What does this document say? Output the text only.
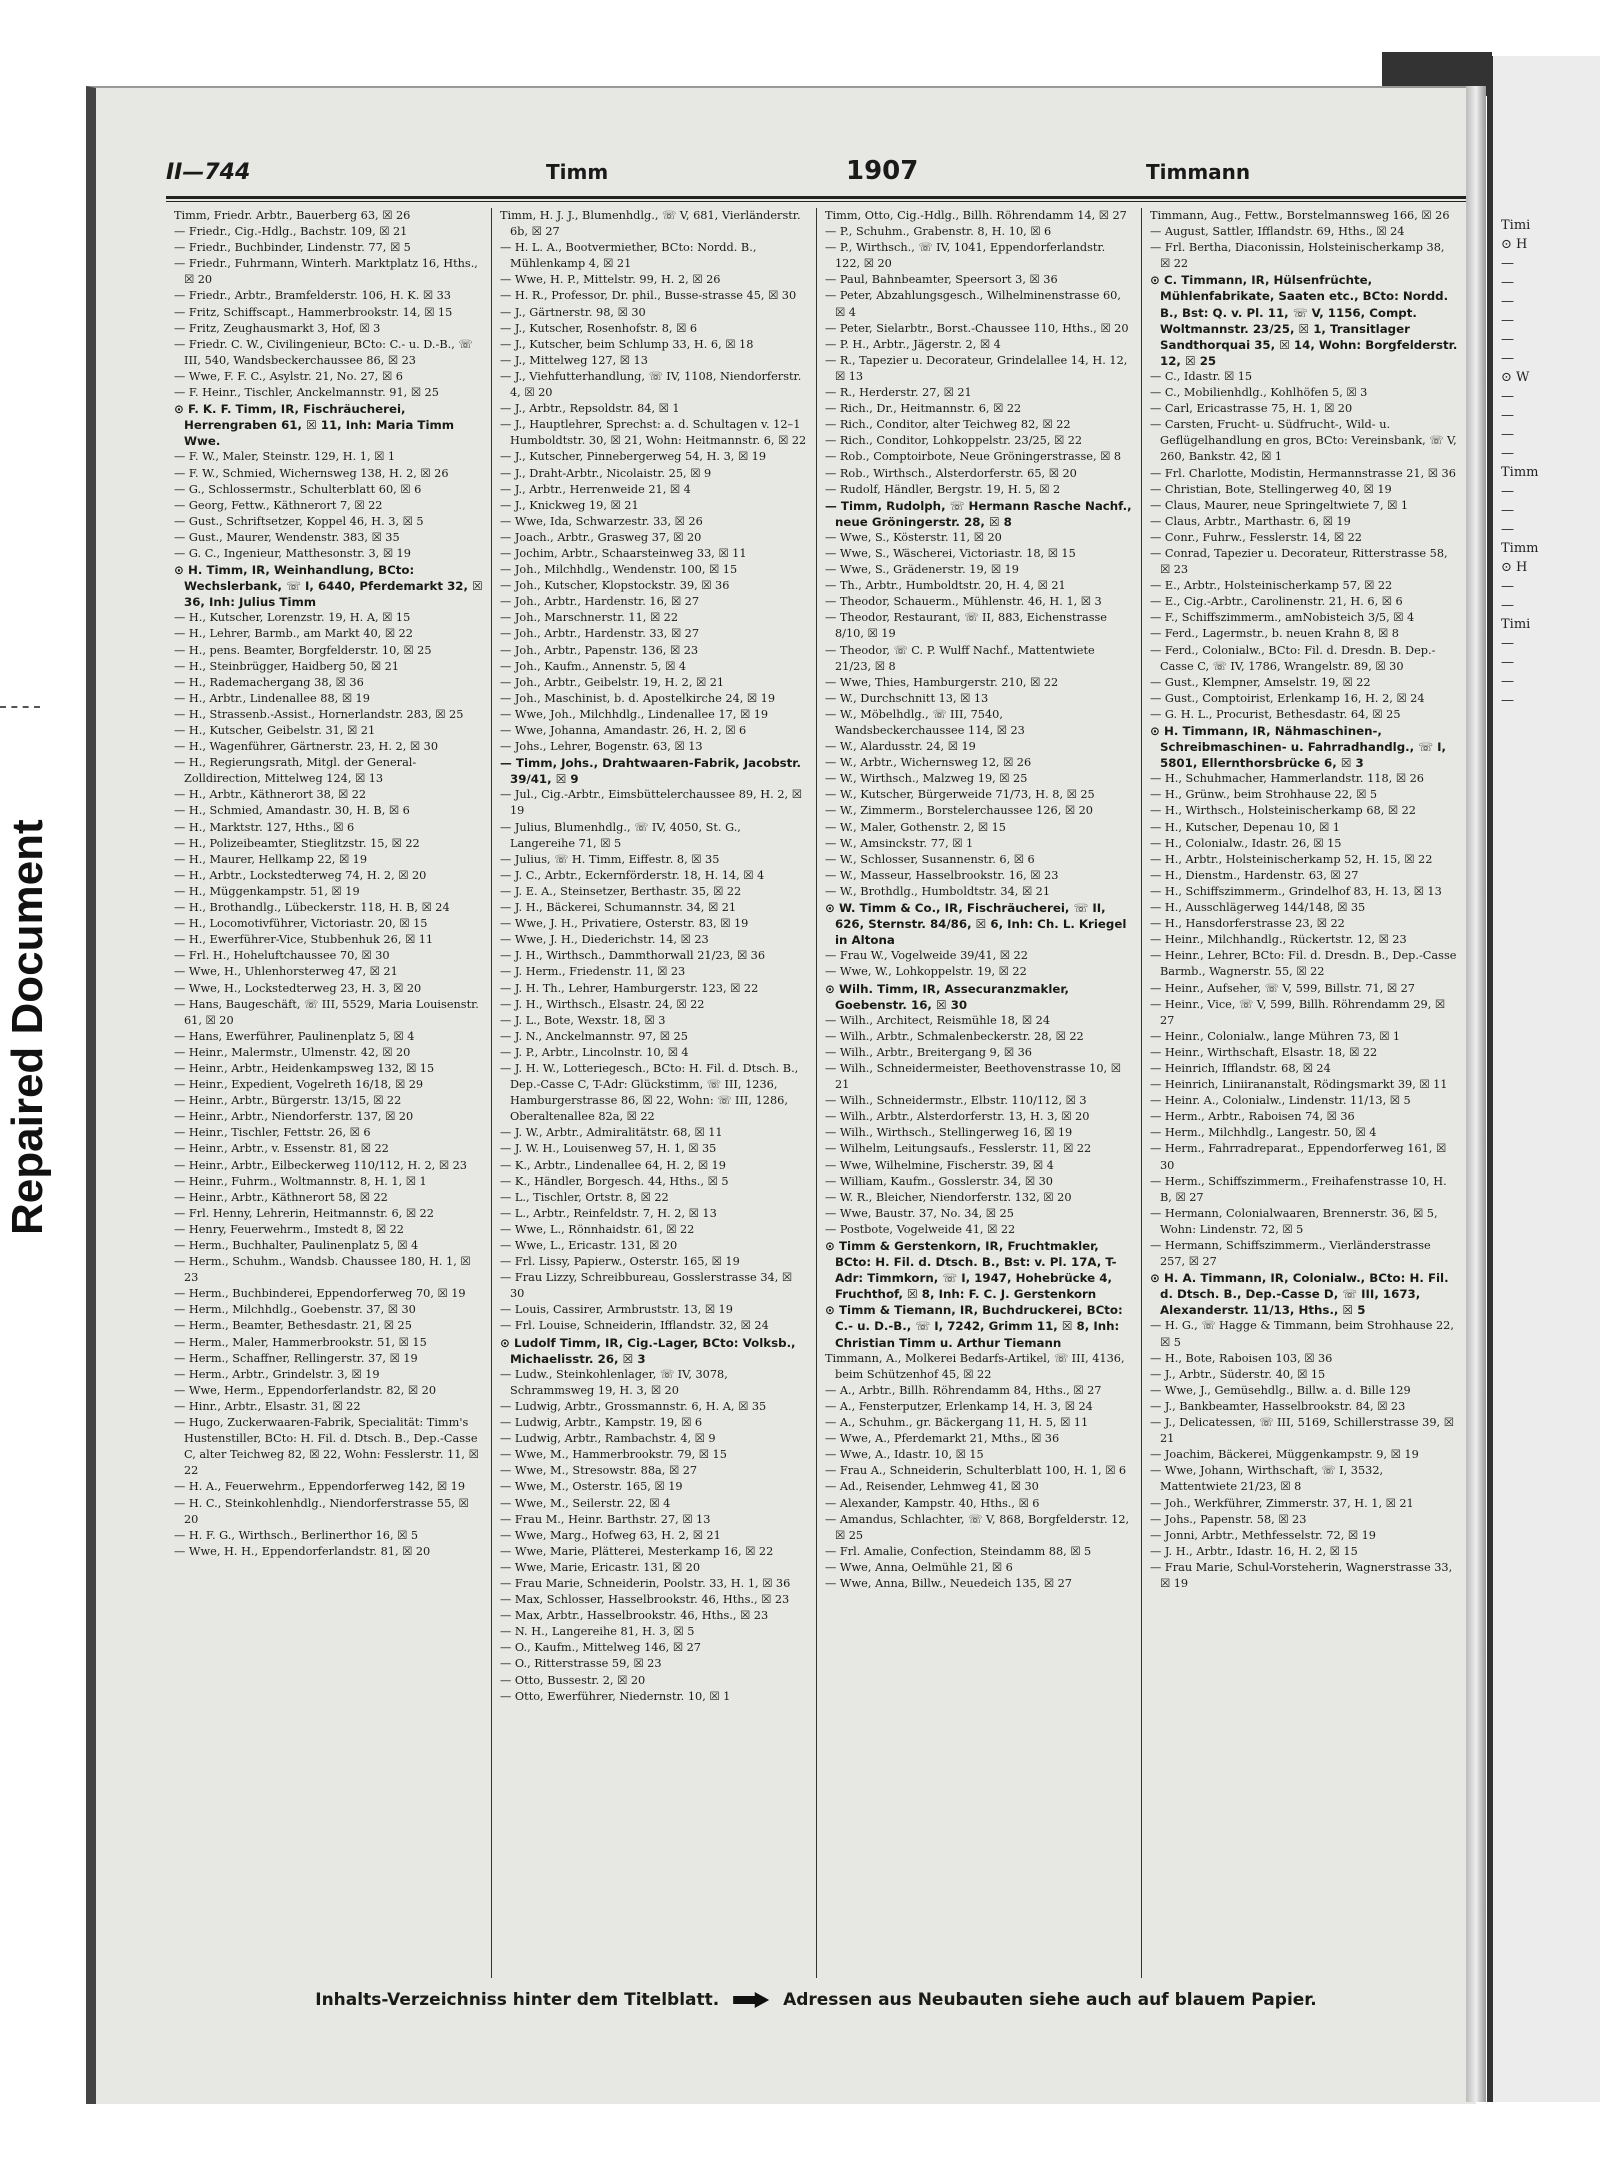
Repaired Document
Timi
⊙ H
—
—
—
—
—
—
⊙ W
—
—
—
—
Timm
—
—
—
Timm
⊙ H
—
—
Timi
—
—
—
—
II—744	Timm	1907	Timmann

Timm, Friedr. Arbtr., Bauerberg 63, ☒ 26

— Friedr., Cig.-Hdlg., Bachstr. 109, ☒ 21

— Friedr., Buchbinder, Lindenstr. 77, ☒ 5

— Friedr., Fuhrmann, Winterh. Marktplatz 16, Hths., ☒ 20

— Friedr., Arbtr., Bramfelderstr. 106, H. K. ☒ 33

— Fritz, Schiffscapt., Hammerbrookstr. 14, ☒ 15

— Fritz, Zeughausmarkt 3, Hof, ☒ 3

— Friedr. C. W., Civilingenieur, BCto: C.- u. D.-B., ☏ III, 540, Wandsbeckerchaussee 86, ☒ 23

— Wwe, F. F. C., Asylstr. 21, No. 27, ☒ 6

— F. Heinr., Tischler, Anckelmannstr. 91, ☒ 25

⊙ F. K. F. Timm, IR, Fischräucherei, Herrengraben 61, ☒ 11, Inh: Maria Timm Wwe.

— F. W., Maler, Steinstr. 129, H. 1, ☒ 1

— F. W., Schmied, Wichernsweg 138, H. 2, ☒ 26

— G., Schlossermstr., Schulterblatt 60, ☒ 6

— Georg, Fettw., Käthnerort 7, ☒ 22

— Gust., Schriftsetzer, Koppel 46, H. 3, ☒ 5

— Gust., Maurer, Wendenstr. 383, ☒ 35

— G. C., Ingenieur, Matthesonstr. 3, ☒ 19

⊙ H. Timm, IR, Weinhandlung, BCto: Wechslerbank, ☏ I, 6440, Pferdemarkt 32, ☒ 36, Inh: Julius Timm

— H., Kutscher, Lorenzstr. 19, H. A, ☒ 15

— H., Lehrer, Barmb., am Markt 40, ☒ 22

— H., pens. Beamter, Borgfelderstr. 10, ☒ 25

— H., Steinbrügger, Haidberg 50, ☒ 21

— H., Rademachergang 38, ☒ 36

— H., Arbtr., Lindenallee 88, ☒ 19

— H., Strassenb.-Assist., Hornerlandstr. 283, ☒ 25

— H., Kutscher, Geibelstr. 31, ☒ 21

— H., Wagenführer, Gärtnerstr. 23, H. 2, ☒ 30

— H., Regierungsrath, Mitgl. der General-Zolldirection, Mittelweg 124, ☒ 13

— H., Arbtr., Käthnerort 38, ☒ 22

— H., Schmied, Amandastr. 30, H. B, ☒ 6

— H., Marktstr. 127, Hths., ☒ 6

— H., Polizeibeamter, Stieglitzstr. 15, ☒ 22

— H., Maurer, Hellkamp 22, ☒ 19

— H., Arbtr., Lockstedterweg 74, H. 2, ☒ 20

— H., Müggenkampstr. 51, ☒ 19

— H., Brothandlg., Lübeckerstr. 118, H. B, ☒ 24

— H., Locomotivführer, Victoriastr. 20, ☒ 15

— H., Ewerführer-Vice, Stubbenhuk 26, ☒ 11

— Frl. H., Hoheluftchaussee 70, ☒ 30

— Wwe, H., Uhlenhorsterweg 47, ☒ 21

— Wwe, H., Lockstedterweg 23, H. 3, ☒ 20

— Hans, Baugeschäft, ☏ III, 5529, Maria Louisenstr. 61, ☒ 20

— Hans, Ewerführer, Paulinenplatz 5, ☒ 4

— Heinr., Malermstr., Ulmenstr. 42, ☒ 20

— Heinr., Arbtr., Heidenkampsweg 132, ☒ 15

— Heinr., Expedient, Vogelreth 16/18, ☒ 29

— Heinr., Arbtr., Bürgerstr. 13/15, ☒ 22

— Heinr., Arbtr., Niendorferstr. 137, ☒ 20

— Heinr., Tischler, Fettstr. 26, ☒ 6

— Heinr., Arbtr., v. Essenstr. 81, ☒ 22

— Heinr., Arbtr., Eilbeckerweg 110/112, H. 2, ☒ 23

— Heinr., Fuhrm., Woltmannstr. 8, H. 1, ☒ 1

— Heinr., Arbtr., Käthnerort 58, ☒ 22

— Frl. Henny, Lehrerin, Heitmannstr. 6, ☒ 22

— Henry, Feuerwehrm., Imstedt 8, ☒ 22

— Herm., Buchhalter, Paulinenplatz 5, ☒ 4

— Herm., Schuhm., Wandsb. Chaussee 180, H. 1, ☒ 23

— Herm., Buchbinderei, Eppendorferweg 70, ☒ 19

— Herm., Milchhdlg., Goebenstr. 37, ☒ 30

— Herm., Beamter, Bethesdastr. 21, ☒ 25

— Herm., Maler, Hammerbrookstr. 51, ☒ 15

— Herm., Schaffner, Rellingerstr. 37, ☒ 19

— Herm., Arbtr., Grindelstr. 3, ☒ 19

— Wwe, Herm., Eppendorferlandstr. 82, ☒ 20

— Hinr., Arbtr., Elsastr. 31, ☒ 22

— Hugo, Zuckerwaaren-Fabrik, Specialität: Timm's Hustenstiller, BCto: H. Fil. d. Dtsch. B., Dep.-Casse C, alter Teichweg 82, ☒ 22, Wohn: Fesslerstr. 11, ☒ 22

— H. A., Feuerwehrm., Eppendorferweg 142, ☒ 19

— H. C., Steinkohlenhdlg., Niendorferstrasse 55, ☒ 20

— H. F. G., Wirthsch., Berlinerthor 16, ☒ 5

— Wwe, H. H., Eppendorferlandstr. 81, ☒ 20

Timm, H. J. J., Blumenhdlg., ☏ V, 681, Vierländerstr. 6b, ☒ 27

— H. L. A., Bootvermiether, BCto: Nordd. B., Mühlenkamp 4, ☒ 21

— Wwe, H. P., Mittelstr. 99, H. 2, ☒ 26

— H. R., Professor, Dr. phil., Busse-strasse 45, ☒ 30

— J., Gärtnerstr. 98, ☒ 30

— J., Kutscher, Rosenhofstr. 8, ☒ 6

— J., Kutscher, beim Schlump 33, H. 6, ☒ 18

— J., Mittelweg 127, ☒ 13

— J., Viehfutterhandlung, ☏ IV, 1108, Niendorferstr. 4, ☒ 20

— J., Arbtr., Repsoldstr. 84, ☒ 1

— J., Hauptlehrer, Sprechst: a. d. Schultagen v. 12–1 Humboldtstr. 30, ☒ 21, Wohn: Heitmannstr. 6, ☒ 22

— J., Kutscher, Pinnebergerweg 54, H. 3, ☒ 19

— J., Draht-Arbtr., Nicolaistr. 25, ☒ 9

— J., Arbtr., Herrenweide 21, ☒ 4

— J., Knickweg 19, ☒ 21

— Wwe, Ida, Schwarzestr. 33, ☒ 26

— Joach., Arbtr., Grasweg 37, ☒ 20

— Jochim, Arbtr., Schaarsteinweg 33, ☒ 11

— Joh., Milchhdlg., Wendenstr. 100, ☒ 15

— Joh., Kutscher, Klopstockstr. 39, ☒ 36

— Joh., Arbtr., Hardenstr. 16, ☒ 27

— Joh., Marschnerstr. 11, ☒ 22

— Joh., Arbtr., Hardenstr. 33, ☒ 27

— Joh., Arbtr., Papenstr. 136, ☒ 23

— Joh., Kaufm., Annenstr. 5, ☒ 4

— Joh., Arbtr., Geibelstr. 19, H. 2, ☒ 21

— Joh., Maschinist, b. d. Apostelkirche 24, ☒ 19

— Wwe, Joh., Milchhdlg., Lindenallee 17, ☒ 19

— Wwe, Johanna, Amandastr. 26, H. 2, ☒ 6

— Johs., Lehrer, Bogenstr. 63, ☒ 13

— Timm, Johs., Drahtwaaren-Fabrik, Jacobstr. 39/41, ☒ 9

— Jul., Cig.-Arbtr., Eimsbüttelerchaussee 89, H. 2, ☒ 19

— Julius, Blumenhdlg., ☏ IV, 4050, St. G., Langereihe 71, ☒ 5

— Julius, ☏ H. Timm, Eiffestr. 8, ☒ 35

— J. C., Arbtr., Eckernförderstr. 18, H. 14, ☒ 4

— J. E. A., Steinsetzer, Berthastr. 35, ☒ 22

— J. H., Bäckerei, Schumannstr. 34, ☒ 21

— Wwe, J. H., Privatiere, Osterstr. 83, ☒ 19

— Wwe, J. H., Diederichstr. 14, ☒ 23

— J. H., Wirthsch., Dammthorwall 21/23, ☒ 36

— J. Herm., Friedenstr. 11, ☒ 23

— J. H. Th., Lehrer, Hamburgerstr. 123, ☒ 22

— J. H., Wirthsch., Elsastr. 24, ☒ 22

— J. L., Bote, Wexstr. 18, ☒ 3

— J. N., Anckelmannstr. 97, ☒ 25

— J. P., Arbtr., Lincolnstr. 10, ☒ 4

— J. H. W., Lotteriegesch., BCto: H. Fil. d. Dtsch. B., Dep.-Casse C, T-Adr: Glückstimm, ☏ III, 1236, Hamburgerstrasse 86, ☒ 22, Wohn: ☏ III, 1286, Oberaltenallee 82a, ☒ 22

— J. W., Arbtr., Admiralitätstr. 68, ☒ 11

— J. W. H., Louisenweg 57, H. 1, ☒ 35

— K., Arbtr., Lindenallee 64, H. 2, ☒ 19

— K., Händler, Borgesch. 44, Hths., ☒ 5

— L., Tischler, Ortstr. 8, ☒ 22

— L., Arbtr., Reinfeldstr. 7, H. 2, ☒ 13

— Wwe, L., Rönnhaidstr. 61, ☒ 22

— Wwe, L., Ericastr. 131, ☒ 20

— Frl. Lissy, Papierw., Osterstr. 165, ☒ 19

— Frau Lizzy, Schreibbureau, Gosslerstrasse 34, ☒ 30

— Louis, Cassirer, Armbruststr. 13, ☒ 19

— Frl. Louise, Schneiderin, Ifflandstr. 32, ☒ 24

⊙ Ludolf Timm, IR, Cig.-Lager, BCto: Volksb., Michaelisstr. 26, ☒ 3

— Ludw., Steinkohlenlager, ☏ IV, 3078, Schrammsweg 19, H. 3, ☒ 20

— Ludwig, Arbtr., Grossmannstr. 6, H. A, ☒ 35

— Ludwig, Arbtr., Kampstr. 19, ☒ 6

— Ludwig, Arbtr., Rambachstr. 4, ☒ 9

— Wwe, M., Hammerbrookstr. 79, ☒ 15

— Wwe, M., Stresowstr. 88a, ☒ 27

— Wwe, M., Osterstr. 165, ☒ 19

— Wwe, M., Seilerstr. 22, ☒ 4

— Frau M., Heinr. Barthstr. 27, ☒ 13

— Wwe, Marg., Hofweg 63, H. 2, ☒ 21

— Wwe, Marie, Plätterei, Mesterkamp 16, ☒ 22

— Wwe, Marie, Ericastr. 131, ☒ 20

— Frau Marie, Schneiderin, Poolstr. 33, H. 1, ☒ 36

— Max, Schlosser, Hasselbrookstr. 46, Hths., ☒ 23

— Max, Arbtr., Hasselbrookstr. 46, Hths., ☒ 23

— N. H., Langereihe 81, H. 3, ☒ 5

— O., Kaufm., Mittelweg 146, ☒ 27

— O., Ritterstrasse 59, ☒ 23

— Otto, Bussestr. 2, ☒ 20

— Otto, Ewerführer, Niedernstr. 10, ☒ 1

Timm, Otto, Cig.-Hdlg., Billh. Röhrendamm 14, ☒ 27

— P., Schuhm., Grabenstr. 8, H. 10, ☒ 6

— P., Wirthsch., ☏ IV, 1041, Eppendorferlandstr. 122, ☒ 20

— Paul, Bahnbeamter, Speersort 3, ☒ 36

— Peter, Abzahlungsgesch., Wilhelminenstrasse 60, ☒ 4

— Peter, Sielarbtr., Borst.-Chaussee 110, Hths., ☒ 20

— P. H., Arbtr., Jägerstr. 2, ☒ 4

— R., Tapezier u. Decorateur, Grindelallee 14, H. 12, ☒ 13

— R., Herderstr. 27, ☒ 21

— Rich., Dr., Heitmannstr. 6, ☒ 22

— Rich., Conditor, alter Teichweg 82, ☒ 22

— Rich., Conditor, Lohkoppelstr. 23/25, ☒ 22

— Rob., Comptoirbote, Neue Gröningerstrasse, ☒ 8

— Rob., Wirthsch., Alsterdorferstr. 65, ☒ 20

— Rudolf, Händler, Bergstr. 19, H. 5, ☒ 2

— Timm, Rudolph, ☏ Hermann Rasche Nachf., neue Gröningerstr. 28, ☒ 8

— Wwe, S., Kösterstr. 11, ☒ 20

— Wwe, S., Wäscherei, Victoriastr. 18, ☒ 15

— Wwe, S., Grädenerstr. 19, ☒ 19

— Th., Arbtr., Humboldtstr. 20, H. 4, ☒ 21

— Theodor, Schauerm., Mühlenstr. 46, H. 1, ☒ 3

— Theodor, Restaurant, ☏ II, 883, Eichenstrasse 8/10, ☒ 19

— Theodor, ☏ C. P. Wulff Nachf., Mattentwiete 21/23, ☒ 8

— Wwe, Thies, Hamburgerstr. 210, ☒ 22

— W., Durchschnitt 13, ☒ 13

— W., Möbelhdlg., ☏ III, 7540, Wandsbeckerchaussee 114, ☒ 23

— W., Alardusstr. 24, ☒ 19

— W., Arbtr., Wichernsweg 12, ☒ 26

— W., Wirthsch., Malzweg 19, ☒ 25

— W., Kutscher, Bürgerweide 71/73, H. 8, ☒ 25

— W., Zimmerm., Borstelerchaussee 126, ☒ 20

— W., Maler, Gothenstr. 2, ☒ 15

— W., Amsinckstr. 77, ☒ 1

— W., Schlosser, Susannenstr. 6, ☒ 6

— W., Masseur, Hasselbrookstr. 16, ☒ 23

— W., Brothdlg., Humboldtstr. 34, ☒ 21

⊙ W. Timm & Co., IR, Fischräucherei, ☏ II, 626, Sternstr. 84/86, ☒ 6, Inh: Ch. L. Kriegel in Altona

— Frau W., Vogelweide 39/41, ☒ 22

— Wwe, W., Lohkoppelstr. 19, ☒ 22

⊙ Wilh. Timm, IR, Assecuranzmakler, Goebenstr. 16, ☒ 30

— Wilh., Architect, Reismühle 18, ☒ 24

— Wilh., Arbtr., Schmalenbeckerstr. 28, ☒ 22

— Wilh., Arbtr., Breitergang 9, ☒ 36

— Wilh., Schneidermeister, Beethovenstrasse 10, ☒ 21

— Wilh., Schneidermstr., Elbstr. 110/112, ☒ 3

— Wilh., Arbtr., Alsterdorferstr. 13, H. 3, ☒ 20

— Wilh., Wirthsch., Stellingerweg 16, ☒ 19

— Wilhelm, Leitungsaufs., Fesslerstr. 11, ☒ 22

— Wwe, Wilhelmine, Fischerstr. 39, ☒ 4

— William, Kaufm., Gosslerstr. 34, ☒ 30

— W. R., Bleicher, Niendorferstr. 132, ☒ 20

— Wwe, Baustr. 37, No. 34, ☒ 25

— Postbote, Vogelweide 41, ☒ 22

⊙ Timm & Gerstenkorn, IR, Fruchtmakler, BCto: H. Fil. d. Dtsch. B., Bst: v. Pl. 17A, T-Adr: Timmkorn, ☏ I, 1947, Hohebrücke 4, Fruchthof, ☒ 8, Inh: F. C. J. Gerstenkorn

⊙ Timm & Tiemann, IR, Buchdruckerei, BCto: C.- u. D.-B., ☏ I, 7242, Grimm 11, ☒ 8, Inh: Christian Timm u. Arthur Tiemann

Timmann, A., Molkerei Bedarfs-Artikel, ☏ III, 4136, beim Schützenhof 45, ☒ 22

— A., Arbtr., Billh. Röhrendamm 84, Hths., ☒ 27

— A., Fensterputzer, Erlenkamp 14, H. 3, ☒ 24

— A., Schuhm., gr. Bäckergang 11, H. 5, ☒ 11

— Wwe, A., Pferdemarkt 21, Mths., ☒ 36

— Wwe, A., Idastr. 10, ☒ 15

— Frau A., Schneiderin, Schulterblatt 100, H. 1, ☒ 6

— Ad., Reisender, Lehmweg 41, ☒ 30

— Alexander, Kampstr. 40, Hths., ☒ 6

— Amandus, Schlachter, ☏ V, 868, Borgfelderstr. 12, ☒ 25

— Frl. Amalie, Confection, Steindamm 88, ☒ 5

— Wwe, Anna, Oelmühle 21, ☒ 6

— Wwe, Anna, Billw., Neuedeich 135, ☒ 27

Timmann, Aug., Fettw., Borstelmannsweg 166, ☒ 26

— August, Sattler, Ifflandstr. 69, Hths., ☒ 24

— Frl. Bertha, Diaconissin, Holsteinischerkamp 38, ☒ 22

⊙ C. Timmann, IR, Hülsenfrüchte, Mühlenfabrikate, Saaten etc., BCto: Nordd. B., Bst: Q. v. Pl. 11, ☏ V, 1156, Compt. Woltmannstr. 23/25, ☒ 1, Transitlager Sandthorquai 35, ☒ 14, Wohn: Borgfelderstr. 12, ☒ 25

— C., Idastr. ☒ 15

— C., Mobilienhdlg., Kohlhöfen 5, ☒ 3

— Carl, Ericastrasse 75, H. 1, ☒ 20

— Carsten, Frucht- u. Südfrucht-, Wild- u. Geflügelhandlung en gros, BCto: Vereinsbank, ☏ V, 260, Bankstr. 42, ☒ 1

— Frl. Charlotte, Modistin, Hermannstrasse 21, ☒ 36

— Christian, Bote, Stellingerweg 40, ☒ 19

— Claus, Maurer, neue Springeltwiete 7, ☒ 1

— Claus, Arbtr., Marthastr. 6, ☒ 19

— Conr., Fuhrw., Fesslerstr. 14, ☒ 22

— Conrad, Tapezier u. Decorateur, Ritterstrasse 58, ☒ 23

— E., Arbtr., Holsteinischerkamp 57, ☒ 22

— E., Cig.-Arbtr., Carolinenstr. 21, H. 6, ☒ 6

— F., Schiffszimmerm., amNobisteich 3/5, ☒ 4

— Ferd., Lagermstr., b. neuen Krahn 8, ☒ 8

— Ferd., Colonialw., BCto: Fil. d. Dresdn. B. Dep.-Casse C, ☏ IV, 1786, Wrangelstr. 89, ☒ 30

— Gust., Klempner, Amselstr. 19, ☒ 22

— Gust., Comptoirist, Erlenkamp 16, H. 2, ☒ 24

— G. H. L., Procurist, Bethesdastr. 64, ☒ 25

⊙ H. Timmann, IR, Nähmaschinen-, Schreibmaschinen- u. Fahrradhandlg., ☏ I, 5801, Ellernthorsbrücke 6, ☒ 3

— H., Schuhmacher, Hammerlandstr. 118, ☒ 26

— H., Grünw., beim Strohhause 22, ☒ 5

— H., Wirthsch., Holsteinischerkamp 68, ☒ 22

— H., Kutscher, Depenau 10, ☒ 1

— H., Colonialw., Idastr. 26, ☒ 15

— H., Arbtr., Holsteinischerkamp 52, H. 15, ☒ 22

— H., Dienstm., Hardenstr. 63, ☒ 27

— H., Schiffszimmerm., Grindelhof 83, H. 13, ☒ 13

— H., Ausschlägerweg 144/148, ☒ 35

— H., Hansdorferstrasse 23, ☒ 22

— Heinr., Milchhandlg., Rückertstr. 12, ☒ 23

— Heinr., Lehrer, BCto: Fil. d. Dresdn. B., Dep.-Casse Barmb., Wagnerstr. 55, ☒ 22

— Heinr., Aufseher, ☏ V, 599, Billstr. 71, ☒ 27

— Heinr., Vice, ☏ V, 599, Billh. Röhrendamm 29, ☒ 27

— Heinr., Colonialw., lange Mühren 73, ☒ 1

— Heinr., Wirthschaft, Elsastr. 18, ☒ 22

— Heinrich, Ifflandstr. 68, ☒ 24

— Heinrich, Liniirananstalt, Rödingsmarkt 39, ☒ 11

— Heinr. A., Colonialw., Lindenstr. 11/13, ☒ 5

— Herm., Arbtr., Raboisen 74, ☒ 36

— Herm., Milchhdlg., Langestr. 50, ☒ 4

— Herm., Fahrradreparat., Eppendorferweg 161, ☒ 30

— Herm., Schiffszimmerm., Freihafenstrasse 10, H. B, ☒ 27

— Hermann, Colonialwaaren, Brennerstr. 36, ☒ 5, Wohn: Lindenstr. 72, ☒ 5

— Hermann, Schiffszimmerm., Vierländerstrasse 257, ☒ 27

⊙ H. A. Timmann, IR, Colonialw., BCto: H. Fil. d. Dtsch. B., Dep.-Casse D, ☏ III, 1673, Alexanderstr. 11/13, Hths., ☒ 5

— H. G., ☏ Hagge & Timmann, beim Strohhause 22, ☒ 5

— H., Bote, Raboisen 103, ☒ 36

— J., Arbtr., Süderstr. 40, ☒ 15

— Wwe, J., Gemüsehdlg., Billw. a. d. Bille 129

— J., Bankbeamter, Hasselbrookstr. 84, ☒ 23

— J., Delicatessen, ☏ III, 5169, Schillerstrasse 39, ☒ 21

— Joachim, Bäckerei, Müggenkampstr. 9, ☒ 19

— Wwe, Johann, Wirthschaft, ☏ I, 3532, Mattentwiete 21/23, ☒ 8

— Joh., Werkführer, Zimmerstr. 37, H. 1, ☒ 21

— Johs., Papenstr. 58, ☒ 23

— Jonni, Arbtr., Methfesselstr. 72, ☒ 19

— J. H., Arbtr., Idastr. 16, H. 2, ☒ 15

— Frau Marie, Schul-Vorsteherin, Wagnerstrasse 33, ☒ 19

Inhalts-Verzeichniss hinter dem Titelblatt.	Adressen aus Neubauten siehe auch auf blauem Papier.
